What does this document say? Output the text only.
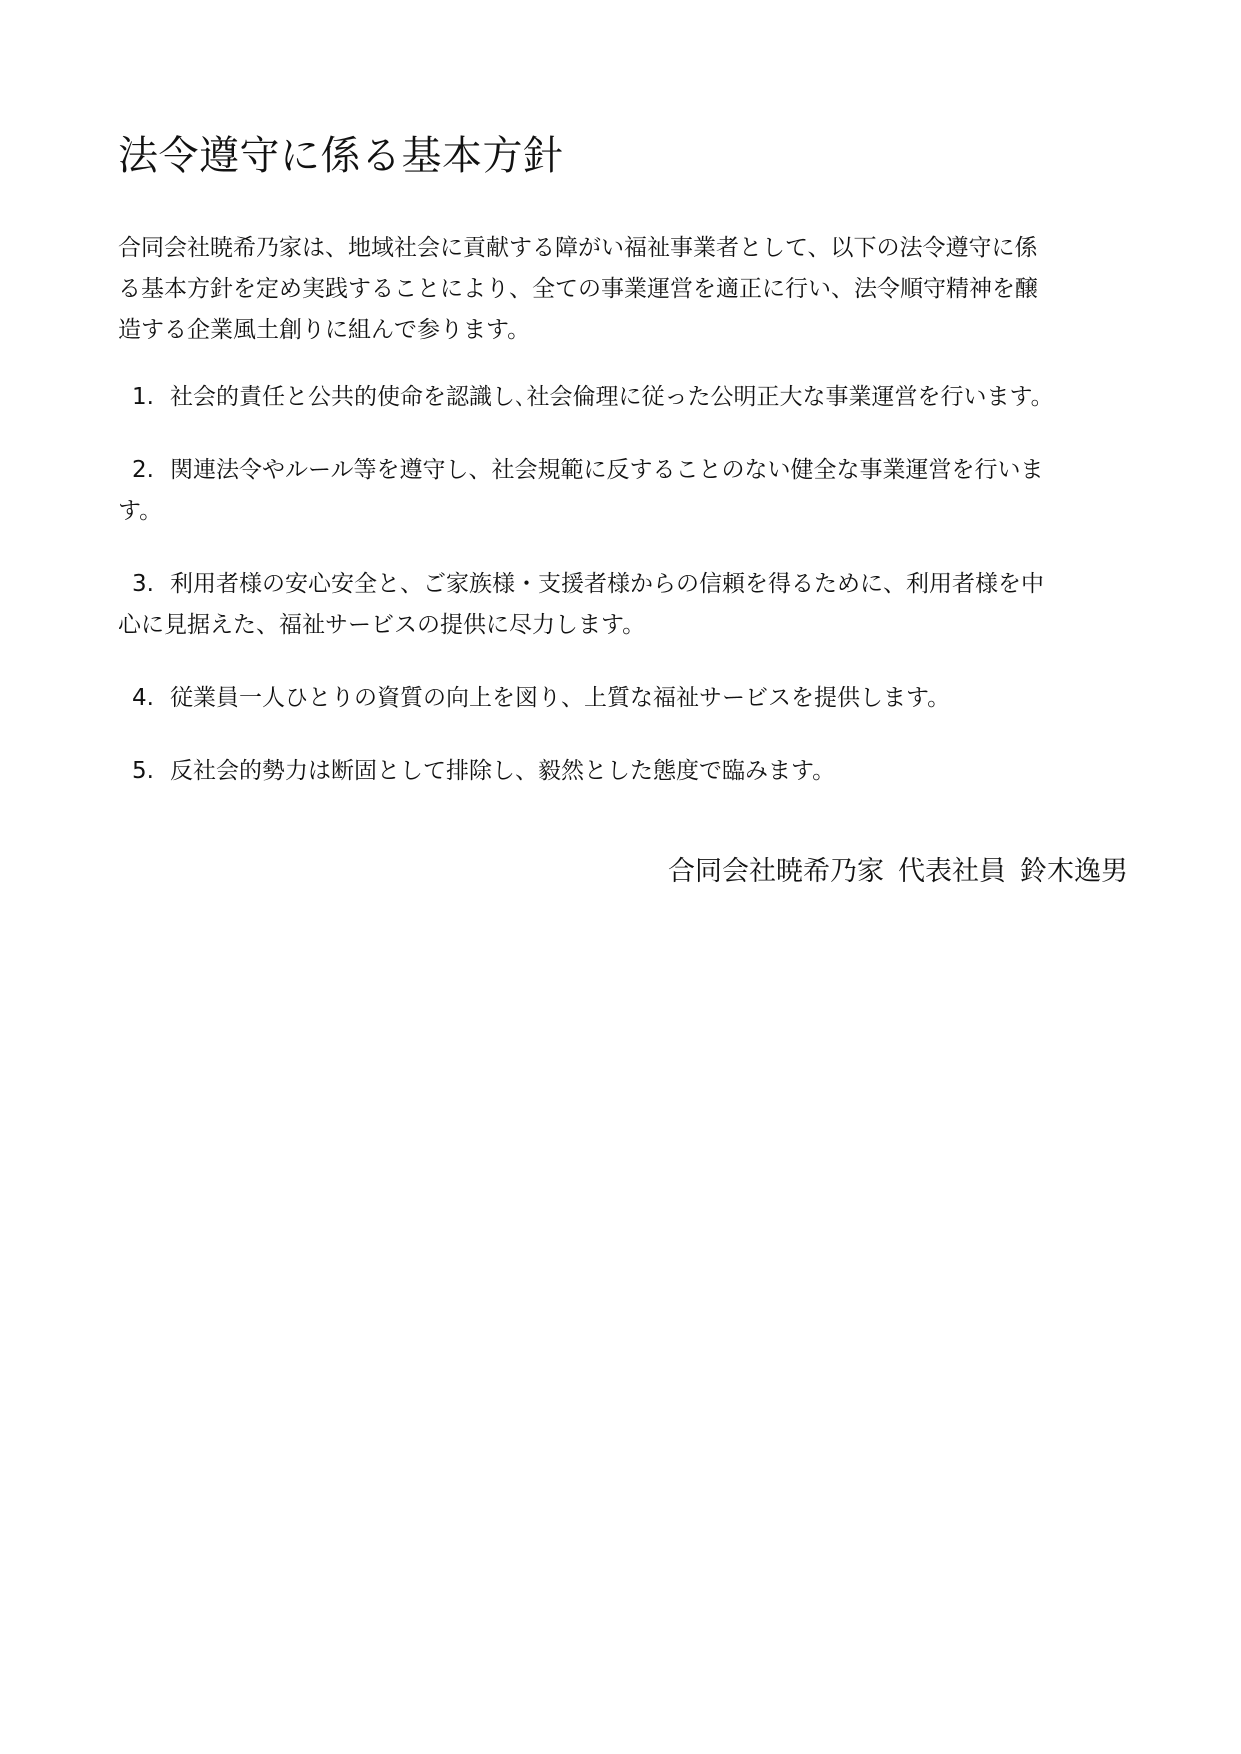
法令遵守に係る基本方針

合同会社暁希乃家は、地域社会に貢献する障がい福祉事業者として、以下の法令遵守に係
る基本方針を定め実践することにより、全ての事業運営を適正に行い、法令順守精神を醸
造する企業風土創りに組んで参ります。

1. 社会的責任と公共的使命を認識し､社会倫理に従った公明正大な事業運営を行います。
2. 関連法令やルール等を遵守し、社会規範に反することのない健全な事業運営を行いま
す。
3. 利用者様の安心安全と、ご家族様・支援者様からの信頼を得るために、利用者様を中
心に見据えた、福祉サービスの提供に尽力します。
4. 従業員一人ひとりの資質の向上を図り、上質な福祉サービスを提供します。
5. 反社会的勢力は断固として排除し、毅然とした態度で臨みます。

合同会社暁希乃家 代表社員 鈴木逸男
